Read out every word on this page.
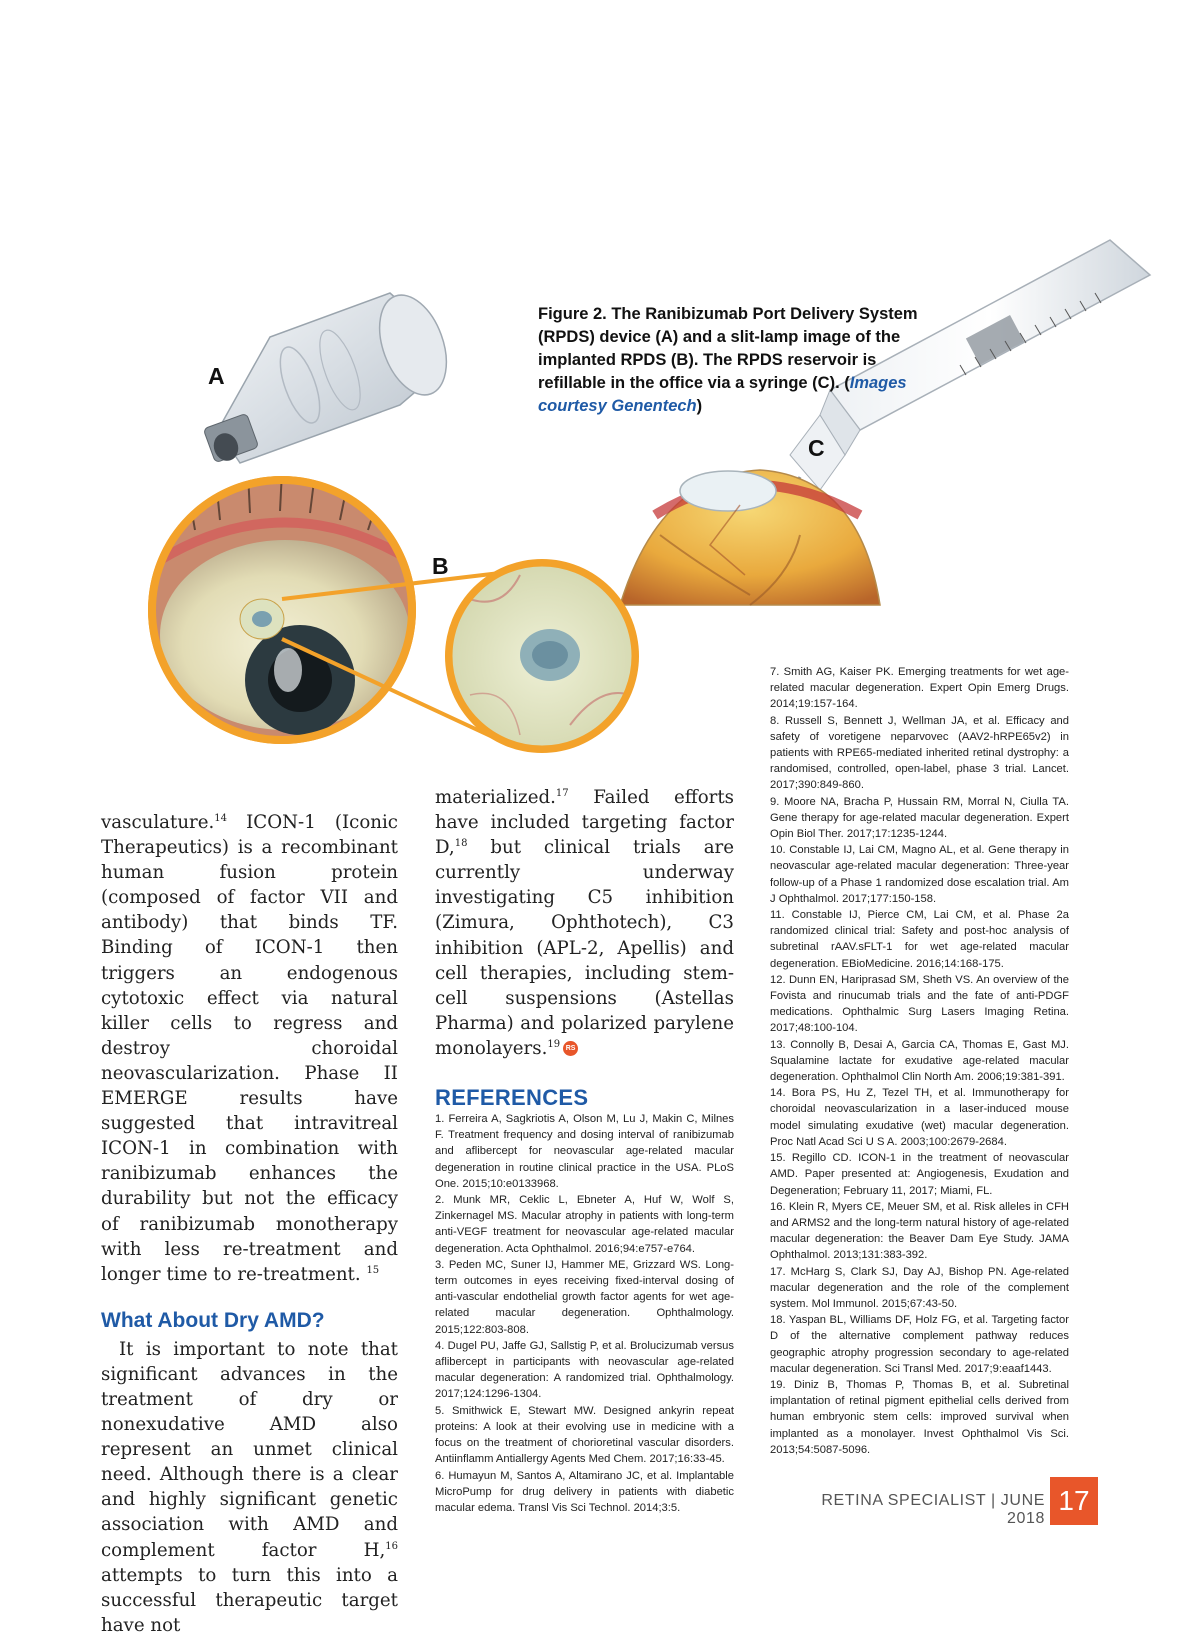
A
B
C
Figure 2. The Ranibizumab Port Delivery System (RPDS) device (A) and a slit-lamp image of the implanted RPDS (B). The RPDS reservoir is refillable in the office via a syringe (C). (Images courtesy Genentech)

vasculature.$^{14}$ ICON-1 (Iconic Therapeutics) is a recombinant human fusion protein (composed of factor VII and antibody) that binds TF. Binding of ICON-1 then triggers an endogenous cytotoxic effect via natural killer cells to regress and destroy choroidal neovascularization. Phase II EMERGE results have suggested that intravitreal ICON-1 in combination with ranibizumab enhances the durability but not the efficacy of ranibizumab monotherapy with less re-treatment and longer time to re-treatment. $^{15}$

What About Dry AMD?

It is important to note that significant advances in the treatment of dry or nonexudative AMD also represent an unmet clinical need. Although there is a clear and highly significant genetic association with AMD and complement factor H,$^{16}$ attempts to turn this into a successful therapeutic target have not

materialized.$^{17}$ Failed efforts have included targeting factor D,$^{18}$ but clinical trials are currently underway investigating C5 inhibition (Zimura, Ophthotech), C3 inhibition (APL-2, Apellis) and cell therapies, including stem-cell suspensions (Astellas Pharma) and polarized parylene monolayers.$^{19}$ RS

REFERENCES
1. Ferreira A, Sagkriotis A, Olson M, Lu J, Makin C, Milnes F. Treatment frequency and dosing interval of ranibizumab and aflibercept for neovascular age-related macular degeneration in routine clinical practice in the USA. PLoS One. 2015;10:e0133968.
2. Munk MR, Ceklic L, Ebneter A, Huf W, Wolf S, Zinkernagel MS. Macular atrophy in patients with long-term anti-VEGF treatment for neovascular age-related macular degeneration. Acta Ophthalmol. 2016;94:e757-e764.
3. Peden MC, Suner IJ, Hammer ME, Grizzard WS. Long-term outcomes in eyes receiving fixed-interval dosing of anti-vascular endothelial growth factor agents for wet age-related macular degeneration. Ophthalmology. 2015;122:803-808.
4. Dugel PU, Jaffe GJ, Sallstig P, et al. Brolucizumab versus aflibercept in participants with neovascular age-related macular degeneration: A randomized trial. Ophthalmology. 2017;124:1296-1304.
5. Smithwick E, Stewart MW. Designed ankyrin repeat proteins: A look at their evolving use in medicine with a focus on the treatment of chorioretinal vascular disorders. Antiinflamm Antiallergy Agents Med Chem. 2017;16:33-45.
6. Humayun M, Santos A, Altamirano JC, et al. Implantable MicroPump for drug delivery in patients with diabetic macular edema. Transl Vis Sci Technol. 2014;3:5.
7. Smith AG, Kaiser PK. Emerging treatments for wet age-related macular degeneration. Expert Opin Emerg Drugs. 2014;19:157-164.
8. Russell S, Bennett J, Wellman JA, et al. Efficacy and safety of voretigene neparvovec (AAV2-hRPE65v2) in patients with RPE65-mediated inherited retinal dystrophy: a randomised, controlled, open-label, phase 3 trial. Lancet. 2017;390:849-860.
9. Moore NA, Bracha P, Hussain RM, Morral N, Ciulla TA. Gene therapy for age-related macular degeneration. Expert Opin Biol Ther. 2017;17:1235-1244.
10. Constable IJ, Lai CM, Magno AL, et al. Gene therapy in neovascular age-related macular degeneration: Three-year follow-up of a Phase 1 randomized dose escalation trial. Am J Ophthalmol. 2017;177:150-158.
11. Constable IJ, Pierce CM, Lai CM, et al. Phase 2a randomized clinical trial: Safety and post-hoc analysis of subretinal rAAV.sFLT-1 for wet age-related macular degeneration. EBioMedicine. 2016;14:168-175.
12. Dunn EN, Hariprasad SM, Sheth VS. An overview of the Fovista and rinucumab trials and the fate of anti-PDGF medications. Ophthalmic Surg Lasers Imaging Retina. 2017;48:100-104.
13. Connolly B, Desai A, Garcia CA, Thomas E, Gast MJ. Squalamine lactate for exudative age-related macular degeneration. Ophthalmol Clin North Am. 2006;19:381-391.
14. Bora PS, Hu Z, Tezel TH, et al. Immunotherapy for choroidal neovascularization in a laser-induced mouse model simulating exudative (wet) macular degeneration. Proc Natl Acad Sci U S A. 2003;100:2679-2684.
15. Regillo CD. ICON-1 in the treatment of neovascular AMD. Paper presented at: Angiogenesis, Exudation and Degeneration; February 11, 2017; Miami, FL.
16. Klein R, Myers CE, Meuer SM, et al. Risk alleles in CFH and ARMS2 and the long-term natural history of age-related macular degeneration: the Beaver Dam Eye Study. JAMA Ophthalmol. 2013;131:383-392.
17. McHarg S, Clark SJ, Day AJ, Bishop PN. Age-related macular degeneration and the role of the complement system. Mol Immunol. 2015;67:43-50.
18. Yaspan BL, Williams DF, Holz FG, et al. Targeting factor D of the alternative complement pathway reduces geographic atrophy progression secondary to age-related macular degeneration. Sci Transl Med. 2017;9:eaaf1443.
19. Diniz B, Thomas P, Thomas B, et al. Subretinal implantation of retinal pigment epithelial cells derived from human embryonic stem cells: improved survival when implanted as a monolayer. Invest Ophthalmol Vis Sci. 2013;54:5087-5096.
RETINA SPECIALIST | JUNE 2018
17
